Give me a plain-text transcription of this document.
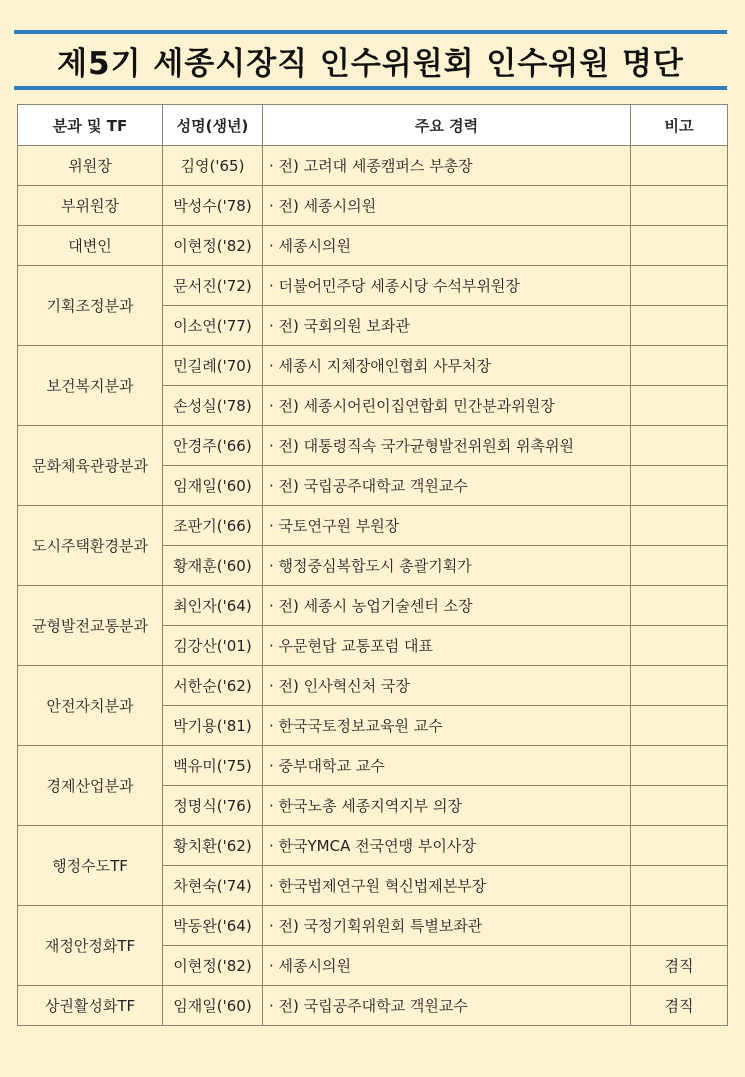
제5기 세종시장직 인수위원회 인수위원 명단
분과 및 TF	성명(생년)	주요 경력	비고
위원장	김영('65)	· 전) 고려대 세종캠퍼스 부총장	
부위원장	박성수('78)	· 전) 세종시의원	
대변인	이현정('82)	· 세종시의원	
기획조정분과	문서진('72)	· 더불어민주당 세종시당 수석부위원장	
	이소연('77)	· 전) 국회의원 보좌관	
보건복지분과	민길례('70)	· 세종시 지체장애인협회 사무처장	
	손성실('78)	· 전) 세종시어린이집연합회 민간분과위원장	
문화체육관광분과	안경주('66)	· 전) 대통령직속 국가균형발전위원회 위촉위원	
	임재일('60)	· 전) 국립공주대학교 객원교수	
도시주택환경분과	조판기('66)	· 국토연구원 부원장	
	황재훈('60)	· 행정중심복합도시 총괄기획가	
균형발전교통분과	최인자('64)	· 전) 세종시 농업기술센터 소장	
	김강산('01)	· 우문현답 교통포럼 대표	
안전자치분과	서한순('62)	· 전) 인사혁신처 국장	
	박기용('81)	· 한국국토정보교육원 교수	
경제산업분과	백유미('75)	· 중부대학교 교수	
	정명식('76)	· 한국노총 세종지역지부 의장	
행정수도TF	황치환('62)	· 한국YMCA 전국연맹 부이사장	
	차현숙('74)	· 한국법제연구원 혁신법제본부장	
재정안정화TF	박동완('64)	· 전) 국정기획위원회 특별보좌관	
	이현정('82)	· 세종시의원	겸직
상권활성화TF	임재일('60)	· 전) 국립공주대학교 객원교수	겸직
